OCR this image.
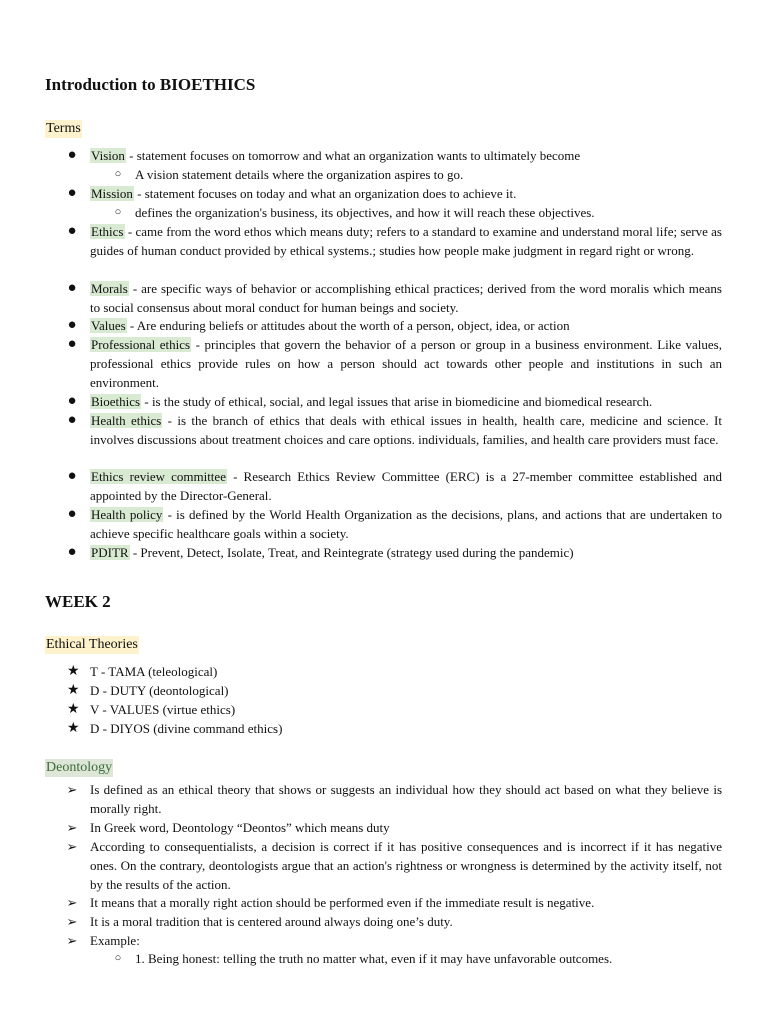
Introduction to BIOETHICS
Terms
● Vision - statement focuses on tomorrow and what an organization wants to ultimately become
○ A vision statement details where the organization aspires to go.
● Mission - statement focuses on today and what an organization does to achieve it.
○ defines the organization's business, its objectives, and how it will reach these objectives.
● Ethics - came from the word ethos which means duty; refers to a standard to examine and understand moral life; serve as guides of human conduct provided by ethical systems.; studies how people make judgment in regard right or wrong.
● Morals - are specific ways of behavior or accomplishing ethical practices; derived from the word moralis which means to social consensus about moral conduct for human beings and society.
● Values - Are enduring beliefs or attitudes about the worth of a person, object, idea, or action
● Professional ethics - principles that govern the behavior of a person or group in a business environment. Like values, professional ethics provide rules on how a person should act towards other people and institutions in such an environment.
● Bioethics - is the study of ethical, social, and legal issues that arise in biomedicine and biomedical research.
● Health ethics - is the branch of ethics that deals with ethical issues in health, health care, medicine and science. It involves discussions about treatment choices and care options. individuals, families, and health care providers must face.
● Ethics review committee - Research Ethics Review Committee (ERC) is a 27-member committee established and appointed by the Director-General.
● Health policy - is defined by the World Health Organization as the decisions, plans, and actions that are undertaken to achieve specific healthcare goals within a society.
● PDITR - Prevent, Detect, Isolate, Treat, and Reintegrate (strategy used during the pandemic)
WEEK 2
Ethical Theories
★ T - TAMA (teleological)
★ D - DUTY (deontological)
★ V - VALUES (virtue ethics)
★ D - DIYOS (divine command ethics)
Deontology
➢ Is defined as an ethical theory that shows or suggests an individual how they should act based on what they believe is morally right.
➢ In Greek word, Deontology “Deontos” which means duty
➢ According to consequentialists, a decision is correct if it has positive consequences and is incorrect if it has negative ones. On the contrary, deontologists argue that an action's rightness or wrongness is determined by the activity itself, not by the results of the action.
➢ It means that a morally right action should be performed even if the immediate result is negative.
➢ It is a moral tradition that is centered around always doing one’s duty.
➢ Example:
○ 1. Being honest: telling the truth no matter what, even if it may have unfavorable outcomes.
